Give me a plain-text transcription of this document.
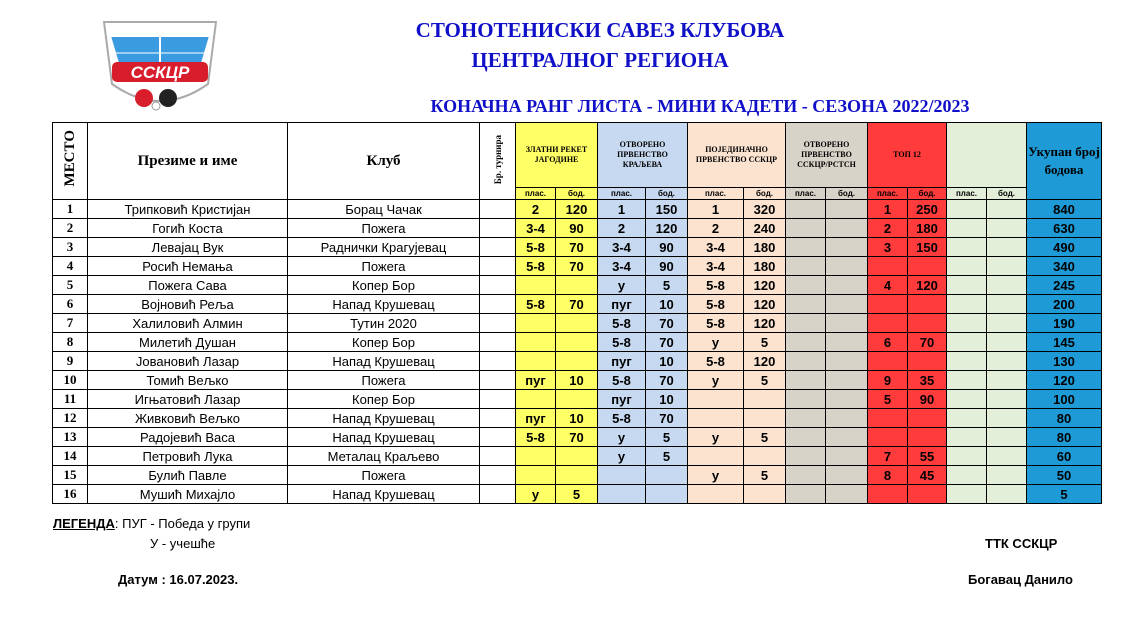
ССКЦР
СТОНОТЕНИСКИ САВЕЗ КЛУБОВА
ЦЕНТРАЛНОГ РЕГИОНА
КОНАЧНА РАНГ ЛИСТА - МИНИ КАДЕТИ - СЕЗОНА 2022/2023
МЕСТО	Презиме и име	Клуб	Бр. турнира	ЗЛАТНИ РЕКЕТ ЈАГОДИНЕ		ОТВОРЕНО ПРВЕНСТВО КРАЉЕВА		ПОЈЕДИНАЧНО ПРВЕНСТВО ССКЦР		ОТВОРЕНО ПРВЕНСТВО ССКЦР/РСТСН		ТОП 12				Укупан број бодова
				плас.	бод.	плас.	бод.	плас.	бод.	плас.	бод.	плас.	бод.	плас.	бод.	
1	Трипковић Кристијан	Борац Чачак		2	120	1	150	1	320			1	250			840
2	Гогић Коста	Пожега		3-4	90	2	120	2	240			2	180			630
3	Левајац Вук	Раднички Крагујевац		5-8	70	3-4	90	3-4	180			3	150			490
4	Росић Немања	Пожега		5-8	70	3-4	90	3-4	180							340
5	Пожега Сава	Копер Бор				у	5	5-8	120			4	120			245
6	Војновић Реља	Напад Крушевац		5-8	70	пуг	10	5-8	120							200
7	Халиловић Алмин	Тутин 2020				5-8	70	5-8	120							190
8	Милетић Душан	Копер Бор				5-8	70	у	5			6	70			145
9	Јовановић Лазар	Напад Крушевац				пуг	10	5-8	120							130
10	Томић Вељко	Пожега		пуг	10	5-8	70	у	5			9	35			120
11	Игњатовић Лазар	Копер Бор				пуг	10					5	90			100
12	Живковић Вељко	Напад Крушевац		пуг	10	5-8	70									80
13	Радојевић Васа	Напад Крушевац		5-8	70	у	5	у	5							80
14	Петровић Лука	Металац Краљево				у	5					7	55			60
15	Булић Павле	Пожега						у	5			8	45			50
16	Мушић Михајло	Напад Крушевац		у	5											5
ЛЕГЕНДА: ПУГ - Победа у групи
У - учешће
Датум : 16.07.2023.
ТТК ССКЦР
Богавац Данило
